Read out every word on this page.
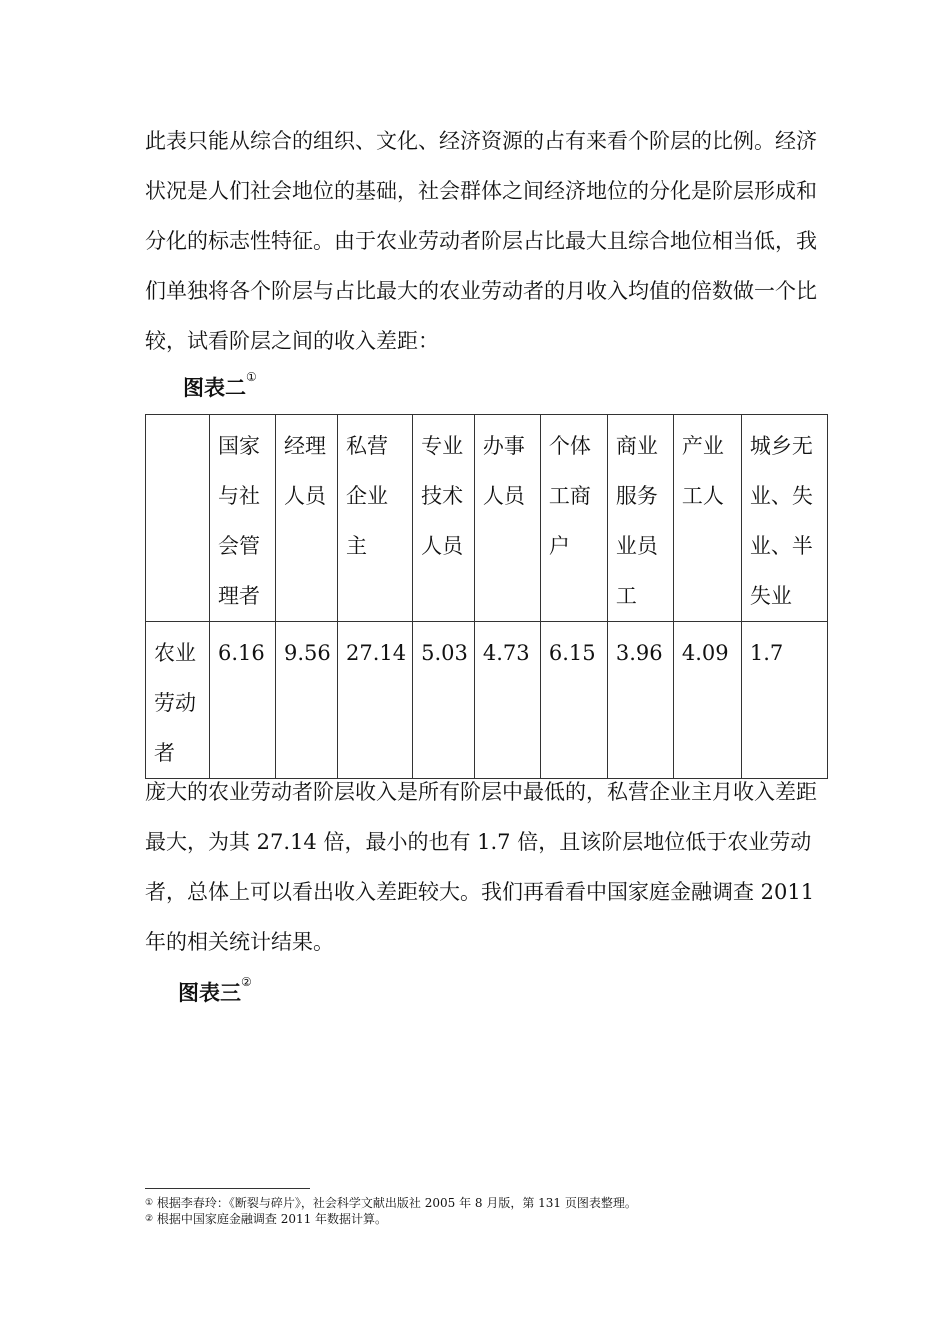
此表只能从综合的组织、文化、经济资源的占有来看个阶层的比例。经济状况是人们社会地位的基础，社会群体之间经济地位的分化是阶层形成和分化的标志性特征。由于农业劳动者阶层占比最大且综合地位相当低，我们单独将各个阶层与占比最大的农业劳动者的月收入均值的倍数做一个比较，试看阶层之间的收入差距：

图表二①

	国家与社会管理者	经理人员	私营企业主	专业技术人员	办事人员	个体工商户	商业服务业员工	产业工人	城乡无业、失业、半失业

农业劳动者	6.16	9.56	27.14	5.03	4.73	6.15	3.96	4.09	1.7

庞大的农业劳动者阶层收入是所有阶层中最低的，私营企业主月收入差距最大，为其 27.14 倍，最小的也有 1.7 倍，且该阶层地位低于农业劳动者，总体上可以看出收入差距较大。我们再看看中国家庭金融调查 2011 年的相关统计结果。

图表三②
① 根据李春玲：《断裂与碎片》，社会科学文献出版社 2005 年 8 月版，第 131 页图表整理。
② 根据中国家庭金融调查 2011 年数据计算。
